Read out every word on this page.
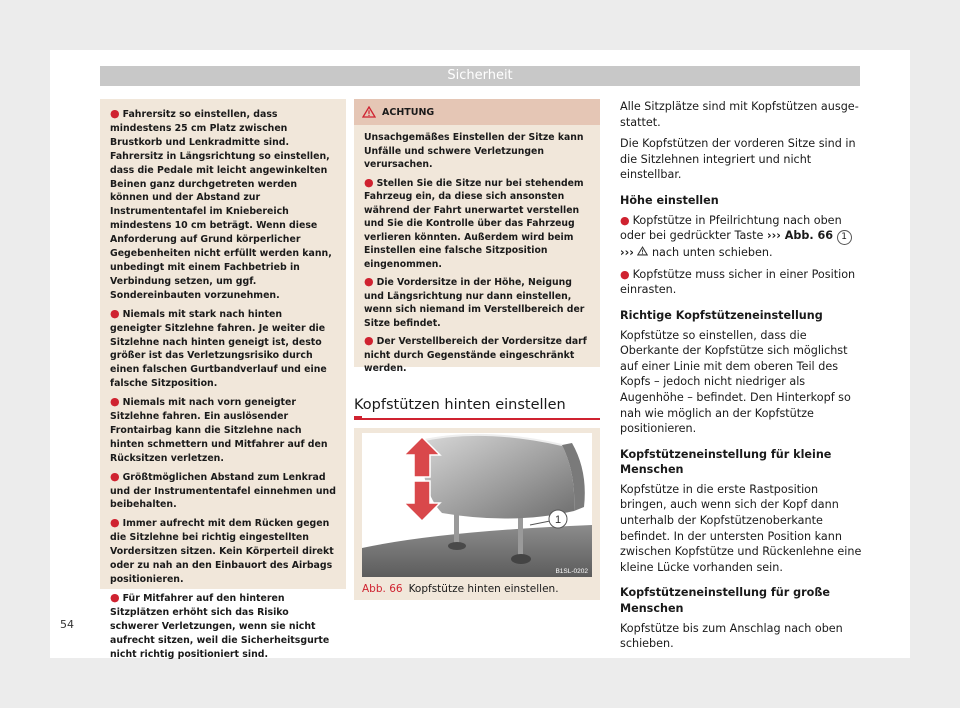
Sicherheit

● Fahrersitz so einstellen, dass mindestens 25 cm Platz zwischen Brustkorb und Lenkradmitte sind. Fahrersitz in Längsrichtung so einstellen, dass die Pedale mit leicht angewinkelten Beinen ganz durchgetreten werden können und der Abstand zur Instrumententafel im Kniebereich mindestens 10 cm beträgt. Wenn diese Anforderung auf Grund körperlicher Gegebenheiten nicht erfüllt werden kann, unbedingt mit einem Fachbetrieb in Verbindung setzen, um ggf. Sondereinbauten vorzunehmen.

● Niemals mit stark nach hinten geneigter Sitzlehne fahren. Je weiter die Sitzlehne nach hinten geneigt ist, desto größer ist das Verletzungsrisiko durch einen falschen Gurtbandverlauf und eine falsche Sitzposition.

● Niemals mit nach vorn geneigter Sitzlehne fahren. Ein auslösender Frontairbag kann die Sitzlehne nach hinten schmettern und Mitfahrer auf den Rücksitzen verletzen.

● Größtmöglichen Abstand zum Lenkrad und der Instrumententafel einnehmen und beibehalten.

● Immer aufrecht mit dem Rücken gegen die Sitzlehne bei richtig eingestellten Vordersitzen sitzen. Kein Körperteil direkt oder zu nah an den Einbauort des Airbags positionieren.

● Für Mitfahrer auf den hinteren Sitzplätzen erhöht sich das Risiko schwerer Verletzungen, wenn sie nicht aufrecht sitzen, weil die Sicherheitsgurte nicht richtig positioniert sind.

ACHTUNG

Unsachgemäßes Einstellen der Sitze kann Unfälle und schwere Verletzungen verursachen.

● Stellen Sie die Sitze nur bei stehendem Fahrzeug ein, da diese sich ansonsten während der Fahrt unerwartet verstellen und Sie die Kontrolle über das Fahrzeug verlieren könnten. Außerdem wird beim Einstellen eine falsche Sitzposition eingenommen.

● Die Vordersitze in der Höhe, Neigung und Längsrichtung nur dann einstellen, wenn sich niemand im Verstellbereich der Sitze befindet.

● Der Verstellbereich der Vordersitze darf nicht durch Gegenstände eingeschränkt werden.

Kopfstützen hinten einstellen
1
B1SL-0202
Abb. 66 Kopfstütze hinten einstellen.

Alle Sitzplätze sind mit Kopfstützen ausgestattet.

Die Kopfstützen der vorderen Sitze sind in die Sitzlehnen integriert und nicht einstellbar.

Höhe einstellen

● Kopfstütze in Pfeilrichtung nach oben oder bei gedrückter Taste ››› Abb. 66 1 ›››  nach unten schieben.

● Kopfstütze muss sicher in einer Position einrasten.

Richtige Kopfstützeneinstellung

Kopfstütze so einstellen, dass die Oberkante der Kopfstütze sich möglichst auf einer Linie mit dem oberen Teil des Kopfs – jedoch nicht niedriger als Augenhöhe – befindet. Den Hinterkopf so nah wie möglich an der Kopfstütze positionieren.

Kopfstützeneinstellung für kleine Menschen

Kopfstütze in die erste Rastposition bringen, auch wenn sich der Kopf dann unterhalb der Kopfstützenoberkante befindet. In der untersten Position kann zwischen Kopfstütze und Rückenlehne eine kleine Lücke vorhanden sein.

Kopfstützeneinstellung für große Menschen

Kopfstütze bis zum Anschlag nach oben schieben.

54
